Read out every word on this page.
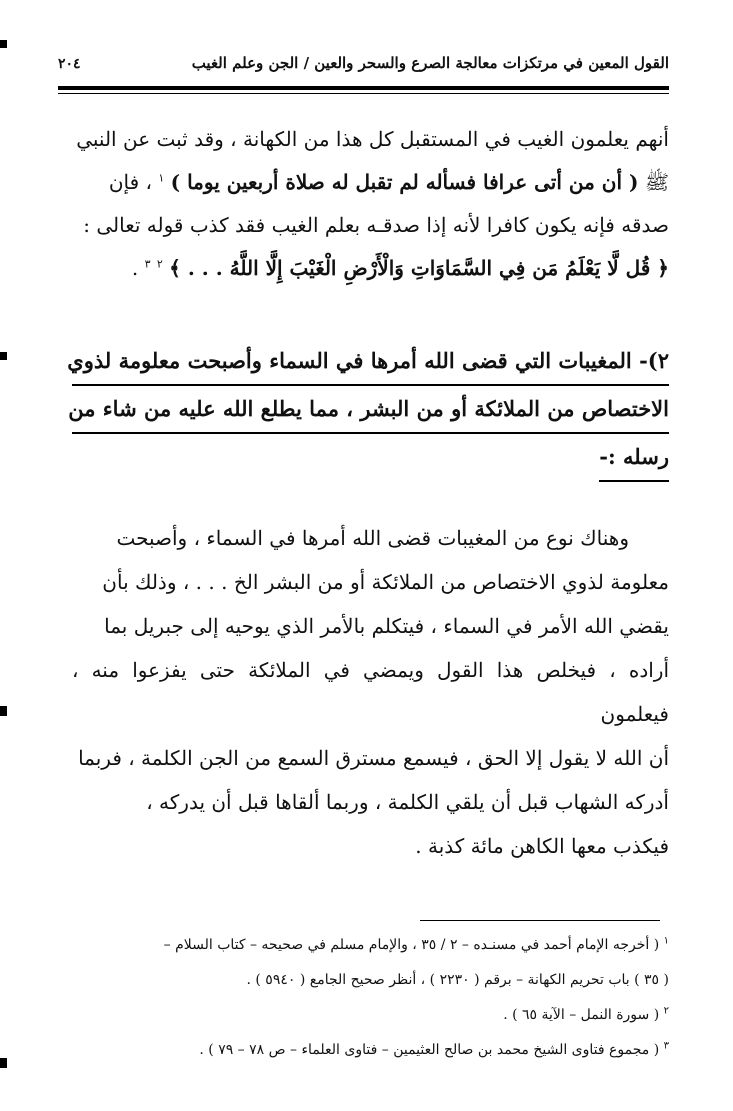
القول المعين في مرتكزات معالجة الصرع والسحر والعين / الجن وعلم الغيب
٢٠٤
أنهم يعلمون الغيب في المستقبل كل هذا من الكهانة ، وقد ثبت عن النبي
ﷺ ( أن من أتى عرافا فسأله لم تقبل له صلاة أربعين يوما ) $^١$ ، فإن
صدقه فإنه يكون كافرا لأنه إذا صدقـه بعلم الغيب فقد كذب قوله تعالى :
﴿ قُل لَّا يَعْلَمُ مَن فِي السَّمَاوَاتِ وَالْأَرْضِ الْغَيْبَ إِلَّا اللَّهُ . . . ﴾ $^٢$ $^٣$ .
٢)- المغيبات التي قضى الله أمرها في السماء وأصبحت معلومة لذوي
الاختصاص من الملائكة أو من البشر ، مما يطلع الله عليه من شاء من
رسله :-
وهناك نوع من المغيبات قضى الله أمرها في السماء ، وأصبحت
معلومة لذوي الاختصاص من الملائكة أو من البشر الخ . . . ، وذلك بأن
يقضي الله الأمر في السماء ، فيتكلم بالأمر الذي يوحيه إلى جبريل بما
أراده ، فيخلص هذا القول ويمضي في الملائكة حتى يفزعوا منه ، فيعلمون
أن الله لا يقول إلا الحق ، فيسمع مسترق السمع من الجن الكلمة ، فربما
أدركه الشهاب قبل أن يلقي الكلمة ، وربما ألقاها قبل أن يدركه ،
فيكذب معها الكاهن مائة كذبة .
$^١$ ( أخرجه الإمام أحمد في مسنـده – ٢ / ٣٥ ، والإمام مسلم في صحيحه – كتاب السلام –
( ٣٥ ) باب تحريم الكهانة – برقم ( ٢٢٣٠ ) ، أنظر صحيح الجامع ( ٥٩٤٠ ) .
$^٢$ ( سورة النمل – الآية ٦٥ ) .
$^٣$ ( مجموع فتاوى الشيخ محمد بن صالح العثيمين – فتاوى العلماء – ص ٧٨ – ٧٩ ) .
